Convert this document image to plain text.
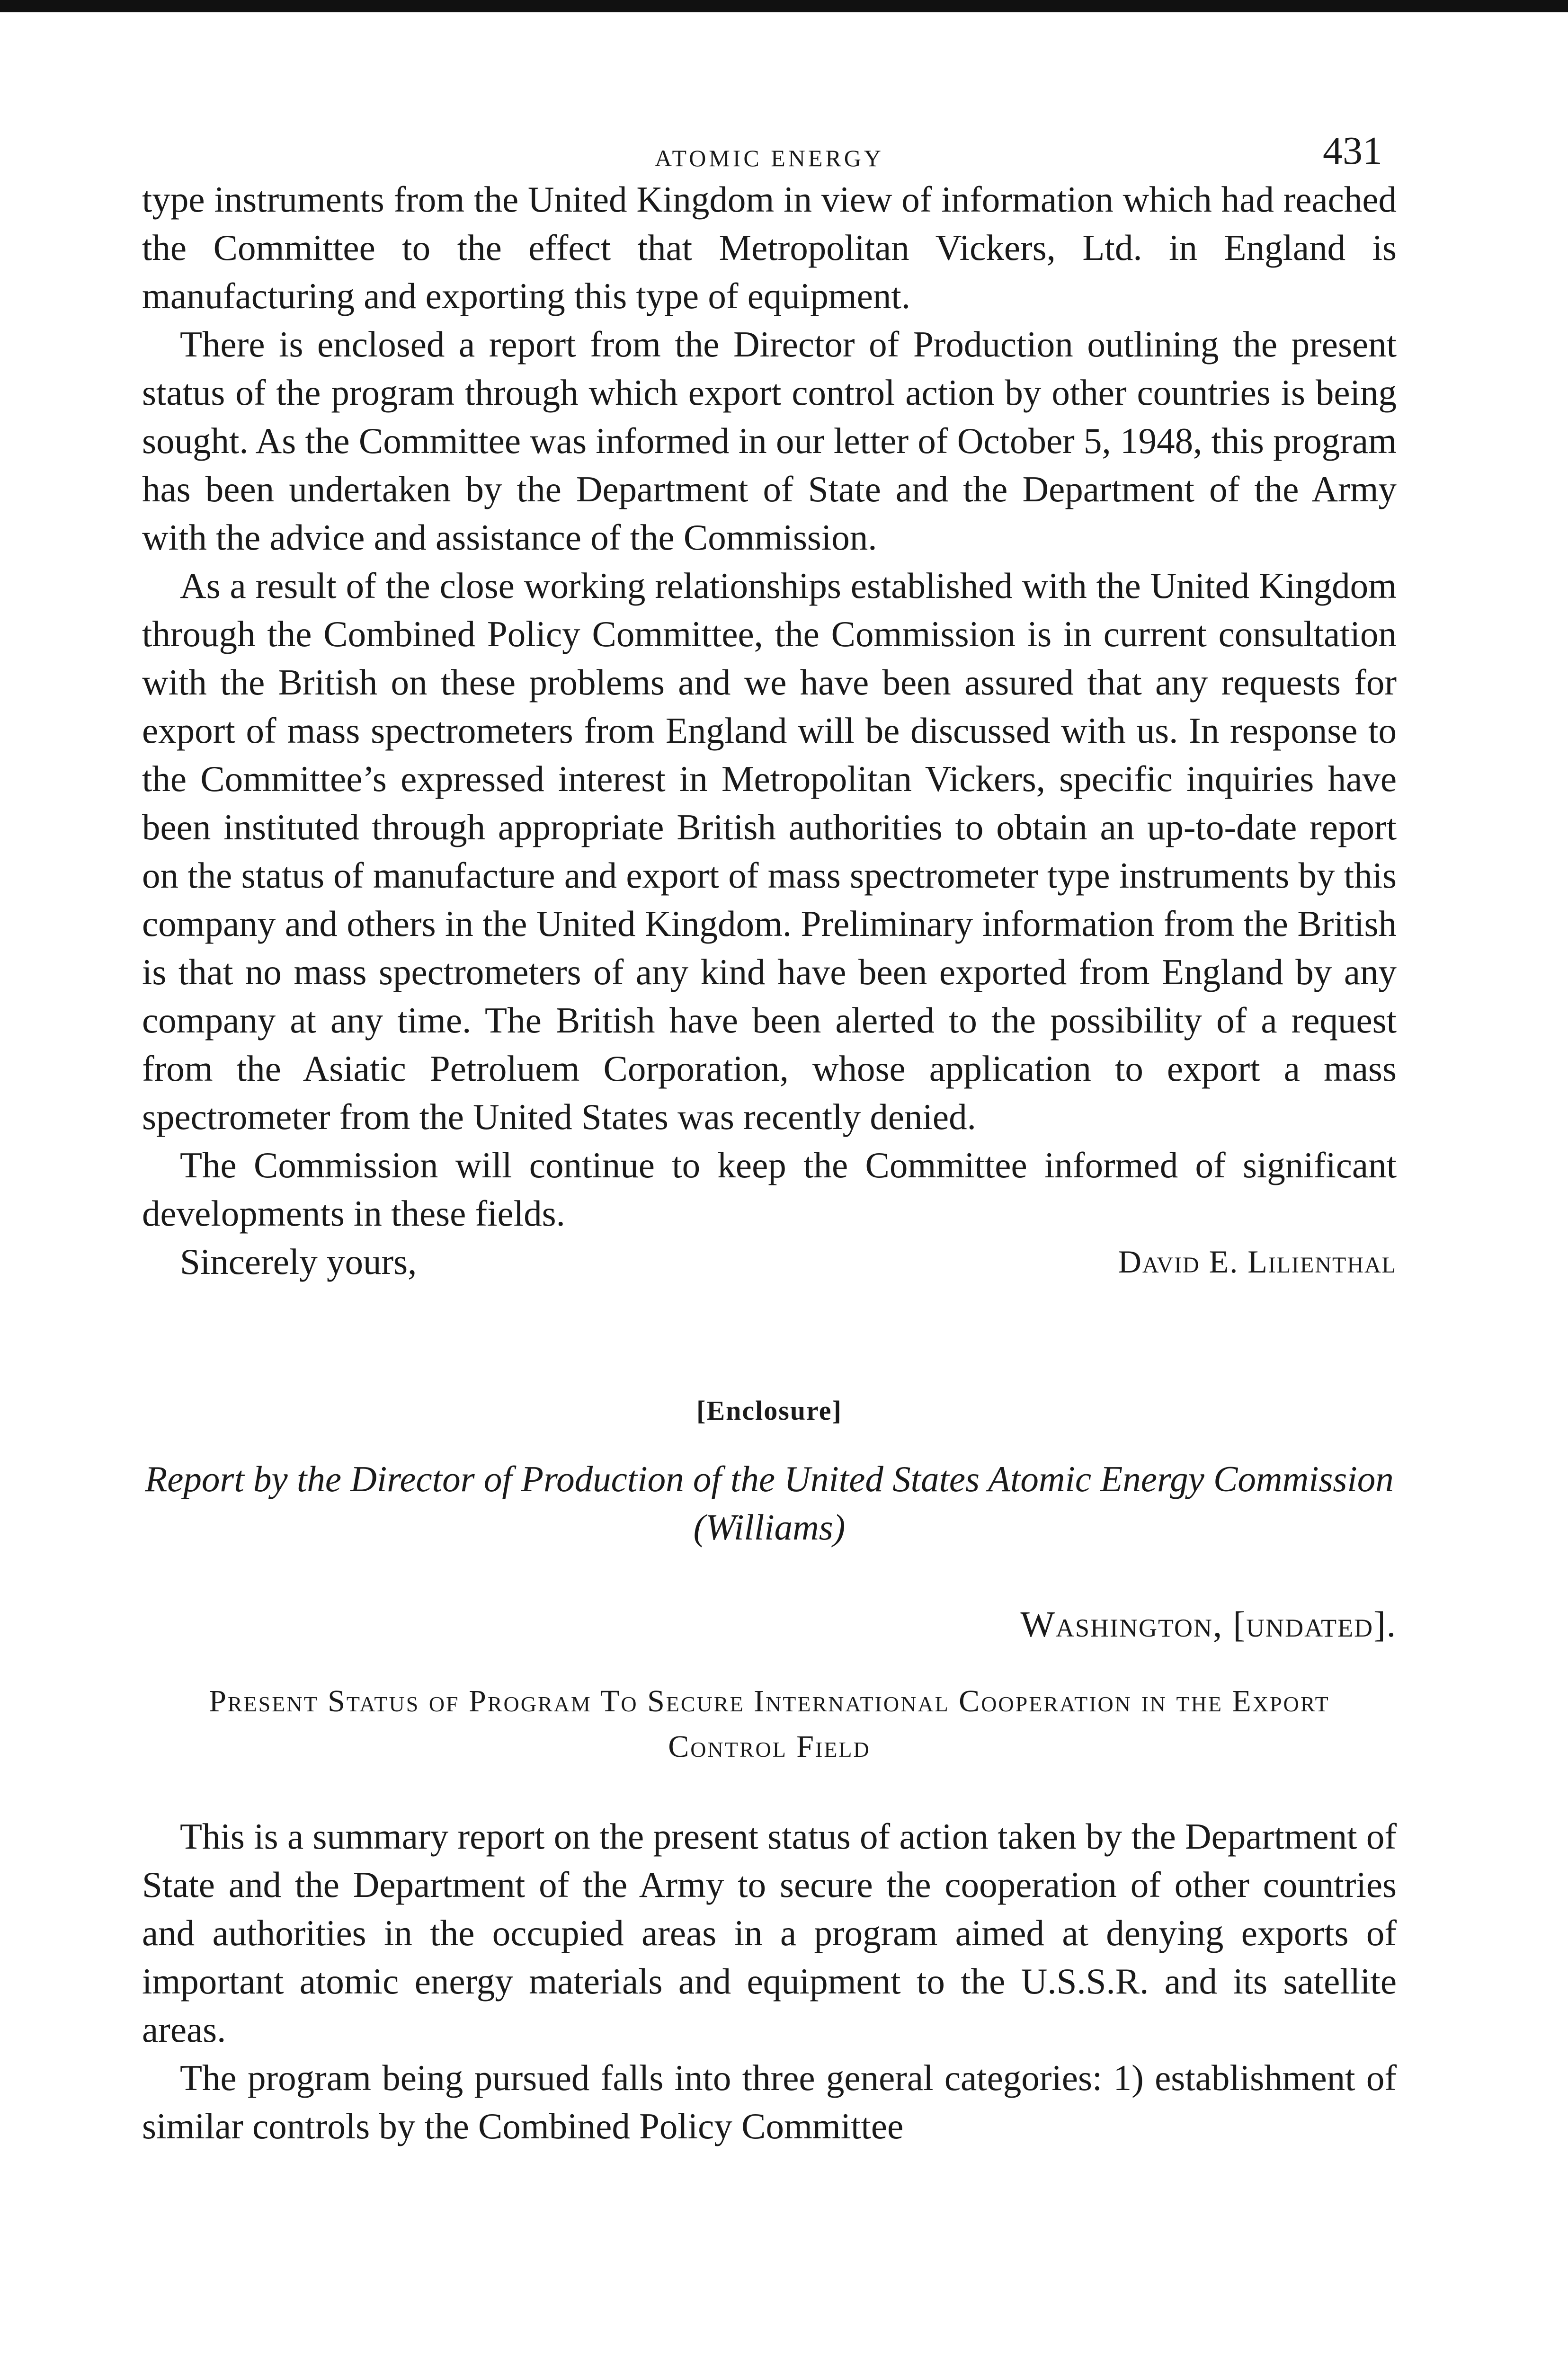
ATOMIC ENERGY	431

type instruments from the United Kingdom in view of information which had reached the Committee to the effect that Metropolitan Vickers, Ltd. in England is manufacturing and exporting this type of equipment.

There is enclosed a report from the Director of Production outlining the present status of the program through which export control action by other countries is being sought. As the Committee was informed in our letter of October 5, 1948, this program has been undertaken by the Department of State and the Department of the Army with the advice and assistance of the Commission.

As a result of the close working relationships established with the United Kingdom through the Combined Policy Committee, the Commission is in current consultation with the British on these problems and we have been assured that any requests for export of mass spectrometers from England will be discussed with us. In response to the Committee’s expressed interest in Metropolitan Vickers, specific inquiries have been instituted through appropriate British authorities to obtain an up-to-date report on the status of manufacture and export of mass spectrometer type instruments by this company and others in the United Kingdom. Preliminary information from the British is that no mass spectrometers of any kind have been exported from England by any company at any time. The British have been alerted to the possibility of a request from the Asiatic Petroluem Corporation, whose application to export a mass spectrometer from the United States was recently denied.

The Commission will continue to keep the Committee informed of significant developments in these fields.

Sincerely yours,	David E. Lilienthal
[Enclosure]
Report by the Director of Production of the United States Atomic Energy Commission (Williams)
Washington, [undated].
Present Status of Program To Secure International Cooperation in the Export Control Field

This is a summary report on the present status of action taken by the Department of State and the Department of the Army to secure the cooperation of other countries and authorities in the occupied areas in a program aimed at denying exports of important atomic energy materials and equipment to the U.S.S.R. and its satellite areas.

The program being pursued falls into three general categories: 1) establishment of similar controls by the Combined Policy Committee
